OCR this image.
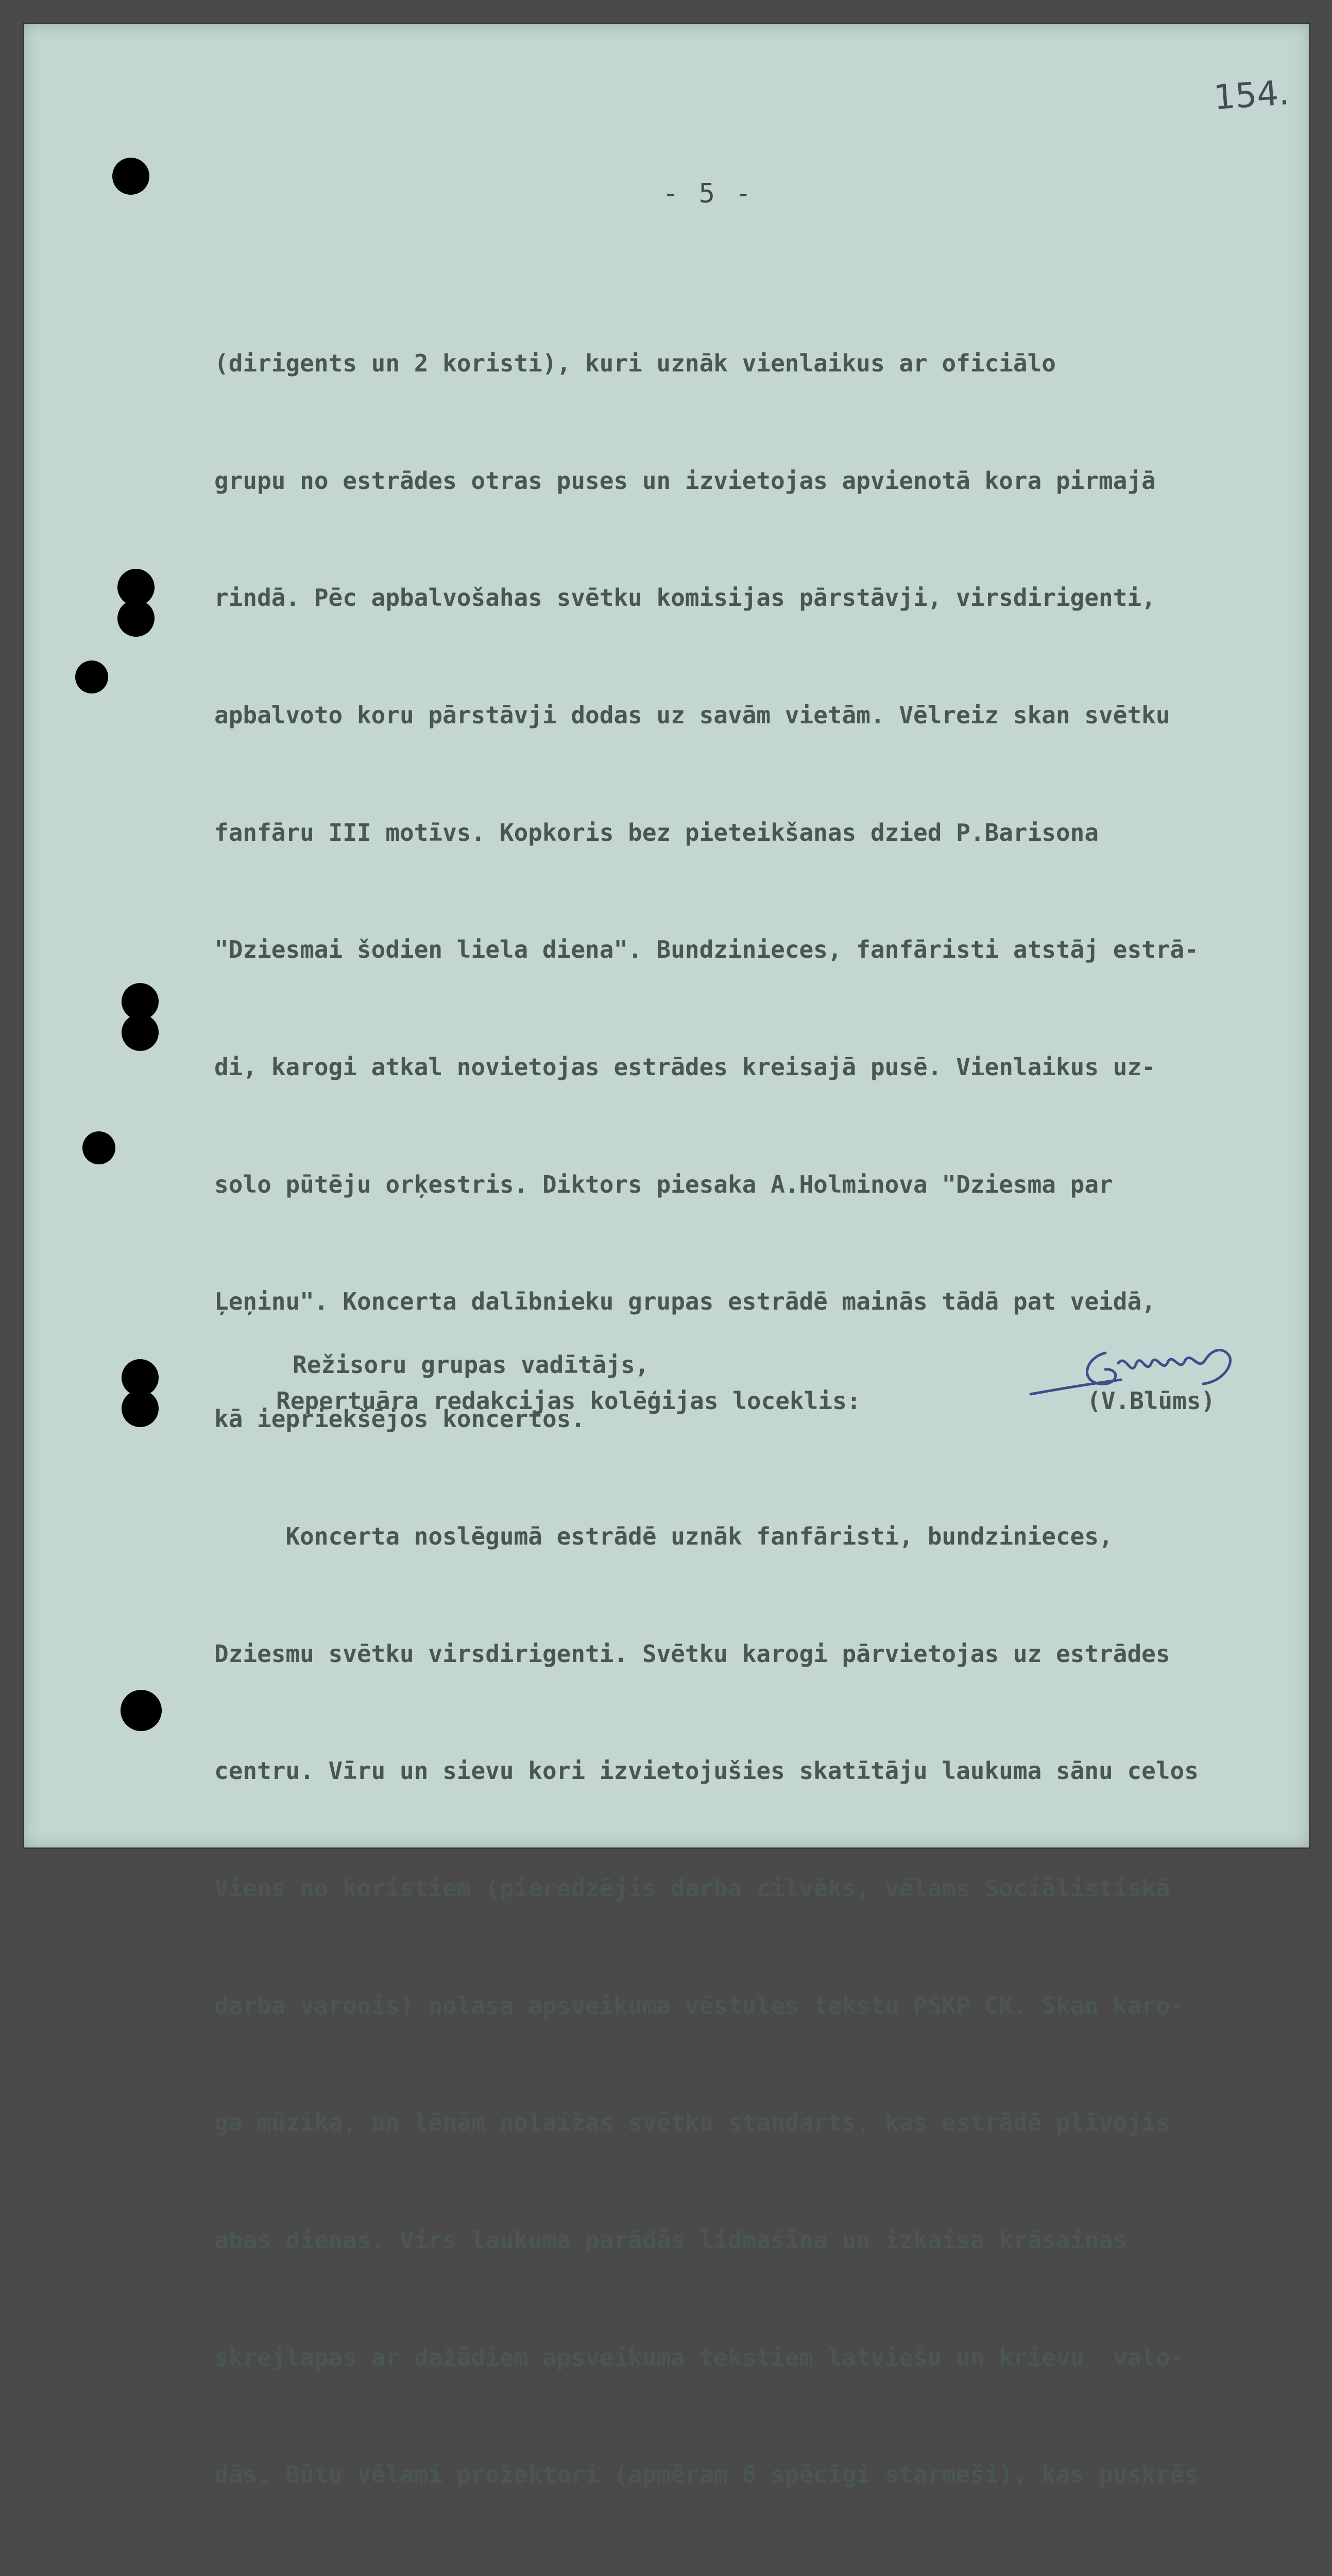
154.
- 5 -

(dirigents un 2 koristi), kuri uznāk vienlaikus ar oficiālo

grupu no estrādes otras puses un izvietojas apvienotā kora pirmajā

rindā. Pēc apbalvošahas svētku komisijas pārstāvji, virsdirigenti,

apbalvoto koru pārstāvji dodas uz savām vietām. Vēlreiz skan svētku

fanfāru III motīvs. Kopkoris bez pieteikšanas dzied P.Barisona

"Dziesmai šodien liela diena". Bundzinieces, fanfāristi atstāj estrā-

di, karogi atkal novietojas estrādes kreisajā pusē. Vienlaikus uz-

solo pūtēju orķestris. Diktors piesaka A.Holminova "Dziesma par

Ļeņinu". Koncerta dalībnieku grupas estrādē mainās tādā pat veidā,

kā iepriekšējos koncertos.

Koncerta noslēgumā estrādē uznāk fanfāristi, bundzinieces,

Dziesmu svētku virsdirigenti. Svētku karogi pārvietojas uz estrādes

centru. Vīru un sievu kori izvietojušies skatītāju laukuma sānu celos

Viens no koristiem (pieredzējis darba cilvēks, vēlams Sociālistiskā

darba varonis) nolasa apsveikuma vēstules tekstu PSKP CK. Skan karo-

ga mūzika, un lēnām nolaižas svētku standarts, kas estrādē plīvojis

abas dienas. Virs laukuma parādās lidmašīna un izkaisa krāsainas

skrejlapas ar dažādiem apsveikuma tekstiem latviešu un krievu  valo-

dās. Būtu vēlami prožektori (apmēram 6 spēcīgi starmeši), kas puskrēs

Režisoru grupas vadītājs,
Repertuāra redakcijas kolēģijas loceklis:	(V.Blūms)
